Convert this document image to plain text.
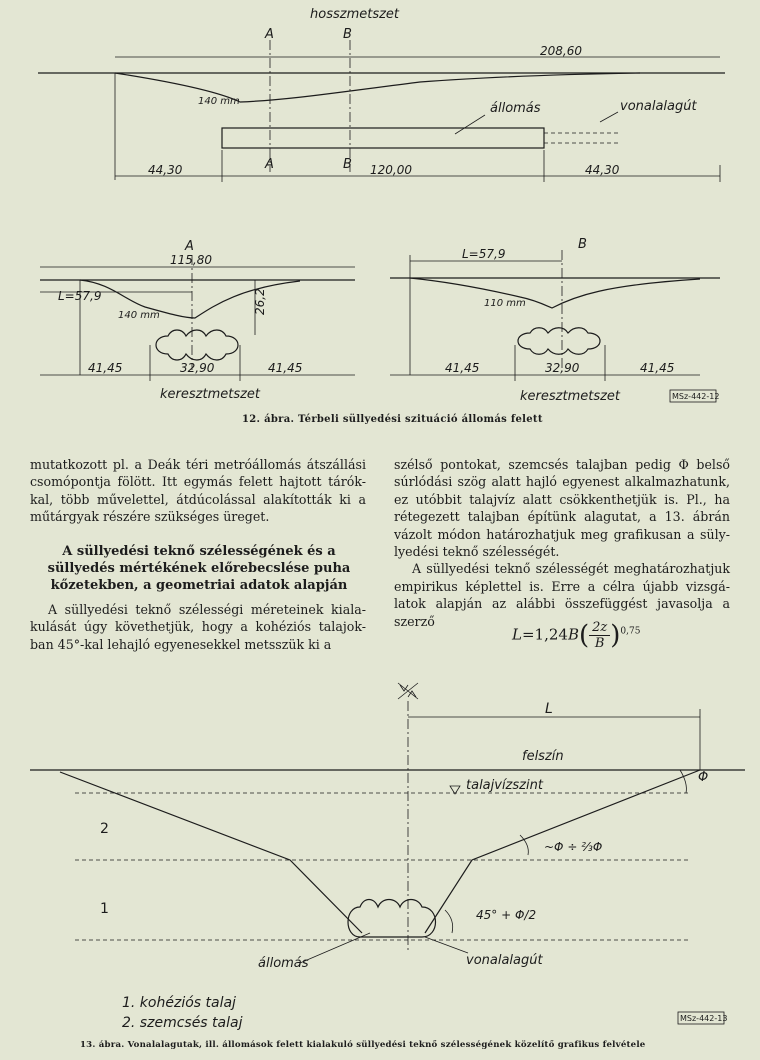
hosszmetszet
A	B
208,60
140 mm	állomás	vonalalagút
A	B
44,30	120,00	44,30
A
115,80
L=57,9
140 mm
26,2
41,45	32,90	41,45
keresztmetszet
B
L=57,9
110 mm
41,45	32,90	41,45
keresztmetszet	MSz-442-12
12. ábra. Térbeli süllyedési szituáció állomás felett

mutatkozott pl. a Deák téri metróállomás átszállási csomópontja fölött. Itt egymás felett hajtott tárók-kal, több művelettel, átdúcolással alakították ki a műtárgyak részére szükséges üreget.

A süllyedési teknő szélességének és a süllyedés mértékének előrebecslése puha kőzetekben, a geometriai adatok alapján

A süllyedési teknő szélességi méreteinek kiala-kulását úgy követhetjük, hogy a kohéziós talajok-ban 45°-kal lehajló egyenesekkel metsszük ki a

szélső pontokat, szemcsés talajban pedig Φ belső súrlódási szög alatt hajló egyenest alkalmazhatunk, ez utóbbit talajvíz alatt csökkenthetjük is. Pl., ha rétegezett talajban építünk alagutat, a 13. ábrán vázolt módon határozhatjuk meg grafikusan a süly-lyedési teknő szélességét.

A süllyedési teknő szélességét meghatározhatjuk empirikus képlettel is. Erre a célra újabb vizsgá-latok alapján az alábbi összefüggést javasolja a szerző

$L=1,24B( \frac{2z}{B} )^{0,75}$
L
felszín
talajvízszint
2
1
Φ
~Φ ÷ ⅔Φ
45° + Φ/2
állomás	vonalalagút
MSz-442-13
1. kohéziós talaj
2. szemcsés talaj
13. ábra. Vonalalagutak, ill. állomások felett kialakuló süllyedési teknő szélességének közelítő grafikus felvétele
